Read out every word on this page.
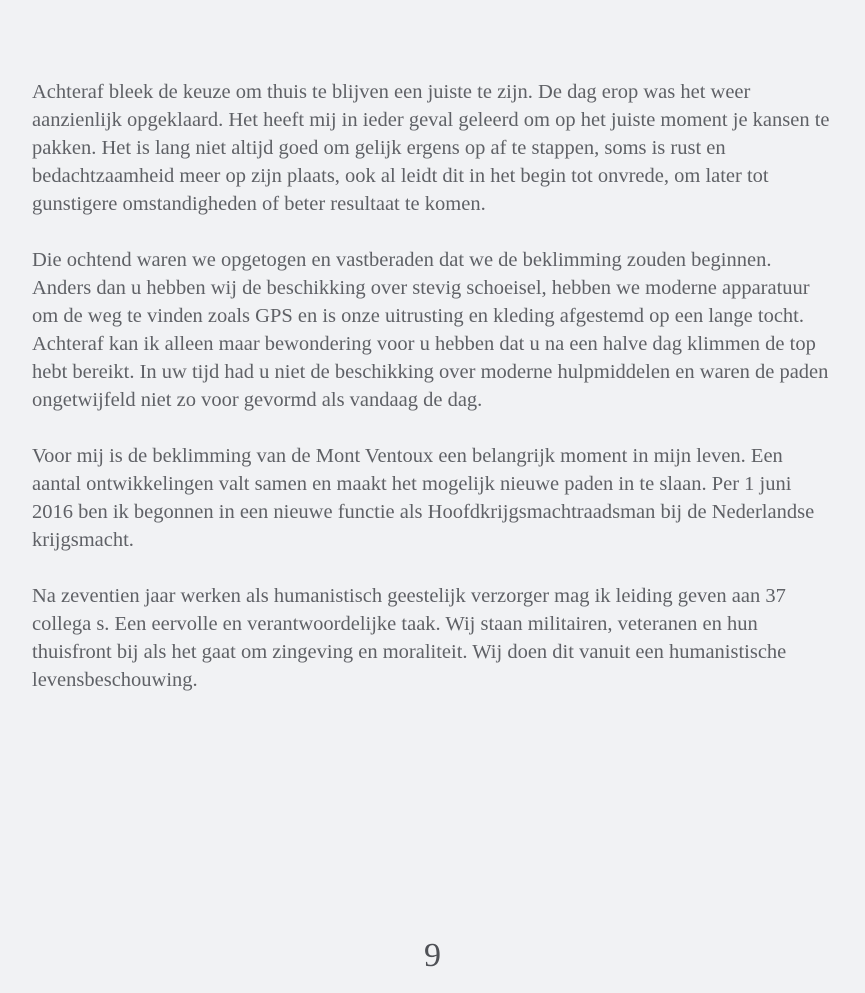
Achteraf bleek de keuze om thuis te blijven een juiste te zijn. De dag erop was het weer aanzienlijk opgeklaard. Het heeft mij in ieder geval geleerd om op het juiste moment je kansen te pakken. Het is lang niet altijd goed om gelijk ergens op af te stappen, soms is rust en bedachtzaamheid meer op zijn plaats, ook al leidt dit in het begin tot onvrede, om later tot gunstigere omstandigheden of beter resultaat te komen.

Die ochtend waren we opgetogen en vastberaden dat we de beklimming zouden beginnen. Anders dan u hebben wij de beschikking over stevig schoeisel, hebben we moderne apparatuur om de weg te vinden zoals GPS en is onze uitrusting en kleding afgestemd op een lange tocht. Achteraf kan ik alleen maar bewondering voor u hebben dat u na een halve dag klimmen de top hebt bereikt. In uw tijd had u niet de beschikking over moderne hulpmiddelen en waren de paden ongetwijfeld niet zo voor gevormd als vandaag de dag.

Voor mij is de beklimming van de Mont Ventoux een belangrijk moment in mijn leven. Een aantal ontwikkelingen valt samen en maakt het mogelijk nieuwe paden in te slaan. Per 1 juni 2016 ben ik begonnen in een nieuwe functie als Hoofdkrijgsmachtraadsman bij de Nederlandse krijgsmacht.

Na zeventien jaar werken als humanistisch geestelijk verzorger mag ik leiding geven aan 37 collega s. Een eervolle en verantwoordelijke taak. Wij staan militairen, veteranen en hun thuisfront bij als het gaat om zingeving en moraliteit. Wij doen dit vanuit een humanistische levensbeschouwing.

9
